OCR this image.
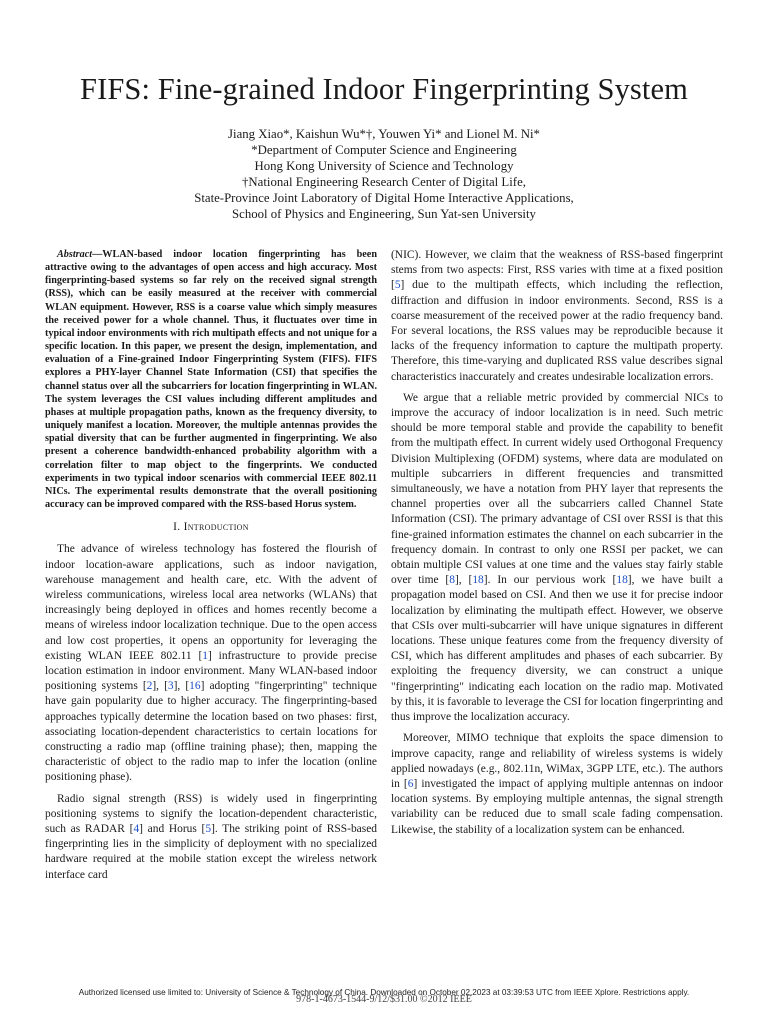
FIFS: Fine-grained Indoor Fingerprinting System
Jiang Xiao*, Kaishun Wu*†, Youwen Yi* and Lionel M. Ni*
*Department of Computer Science and Engineering
Hong Kong University of Science and Technology
†National Engineering Research Center of Digital Life,
State-Province Joint Laboratory of Digital Home Interactive Applications,
School of Physics and Engineering, Sun Yat-sen University

Abstract—WLAN-based indoor location fingerprinting has been attractive owing to the advantages of open access and high accuracy. Most fingerprinting-based systems so far rely on the received signal strength (RSS), which can be easily measured at the receiver with commercial WLAN equipment. However, RSS is a coarse value which simply measures the received power for a whole channel. Thus, it fluctuates over time in typical indoor environments with rich multipath effects and not unique for a specific location. In this paper, we present the design, implementation, and evaluation of a Fine-grained Indoor Fingerprinting System (FIFS). FIFS explores a PHY-layer Channel State Information (CSI) that specifies the channel status over all the subcarriers for location fingerprinting in WLAN. The system leverages the CSI values including different amplitudes and phases at multiple propagation paths, known as the frequency diversity, to uniquely manifest a location. Moreover, the multiple antennas provides the spatial diversity that can be further augmented in fingerprinting. We also present a coherence bandwidth-enhanced probability algorithm with a correlation filter to map object to the fingerprints. We conducted experiments in two typical indoor scenarios with commercial IEEE 802.11 NICs. The experimental results demonstrate that the overall positioning accuracy can be improved compared with the RSS-based Horus system.

I. Introduction

The advance of wireless technology has fostered the flourish of indoor location-aware applications, such as indoor navigation, warehouse management and health care, etc. With the advent of wireless communications, wireless local area networks (WLANs) that increasingly being deployed in offices and homes recently become a means of wireless indoor localization technique. Due to the open access and low cost properties, it opens an opportunity for leveraging the existing WLAN IEEE 802.11 [1] infrastructure to provide precise location estimation in indoor environment. Many WLAN-based indoor positioning systems [2], [3], [16] adopting "fingerprinting" technique have gain popularity due to higher accuracy. The fingerprinting-based approaches typically determine the location based on two phases: first, associating location-dependent characteristics to certain locations for constructing a radio map (offline training phase); then, mapping the characteristic of object to the radio map to infer the location (online positioning phase).

Radio signal strength (RSS) is widely used in fingerprinting positioning systems to signify the location-dependent characteristic, such as RADAR [4] and Horus [5]. The striking point of RSS-based fingerprinting lies in the simplicity of deployment with no specialized hardware required at the mobile station except the wireless network interface card

(NIC). However, we claim that the weakness of RSS-based fingerprint stems from two aspects: First, RSS varies with time at a fixed position [5] due to the multipath effects, which including the reflection, diffraction and diffusion in indoor environments. Second, RSS is a coarse measurement of the received power at the radio frequency band. For several locations, the RSS values may be reproducible because it lacks of the frequency information to capture the multipath property. Therefore, this time-varying and duplicated RSS value describes signal characteristics inaccurately and creates undesirable localization errors.

We argue that a reliable metric provided by commercial NICs to improve the accuracy of indoor localization is in need. Such metric should be more temporal stable and provide the capability to benefit from the multipath effect. In current widely used Orthogonal Frequency Division Multiplexing (OFDM) systems, where data are modulated on multiple subcarriers in different frequencies and transmitted simultaneously, we have a notation from PHY layer that represents the channel properties over all the subcarriers called Channel State Information (CSI). The primary advantage of CSI over RSSI is that this fine-grained information estimates the channel on each subcarrier in the frequency domain. In contrast to only one RSSI per packet, we can obtain multiple CSI values at one time and the values stay fairly stable over time [8], [18]. In our pervious work [18], we have built a propagation model based on CSI. And then we use it for precise indoor localization by eliminating the multipath effect. However, we observe that CSIs over multi-subcarrier will have unique signatures in different locations. These unique features come from the frequency diversity of CSI, which has different amplitudes and phases of each subcarrier. By exploiting the frequency diversity, we can construct a unique "fingerprinting" indicating each location on the radio map. Motivated by this, it is favorable to leverage the CSI for location fingerprinting and thus improve the localization accuracy.

Moreover, MIMO technique that exploits the space dimension to improve capacity, range and reliability of wireless systems is widely applied nowadays (e.g., 802.11n, WiMax, 3GPP LTE, etc.). The authors in [6] investigated the impact of applying multiple antennas on indoor location systems. By employing multiple antennas, the signal strength variability can be reduced due to small scale fading compensation. Likewise, the stability of a localization system can be enhanced.

978-1-4673-1544-9/12/$31.00 ©2012 IEEE
Authorized licensed use limited to: University of Science & Technology of China. Downloaded on October 02,2023 at 03:39:53 UTC from IEEE Xplore. Restrictions apply.
